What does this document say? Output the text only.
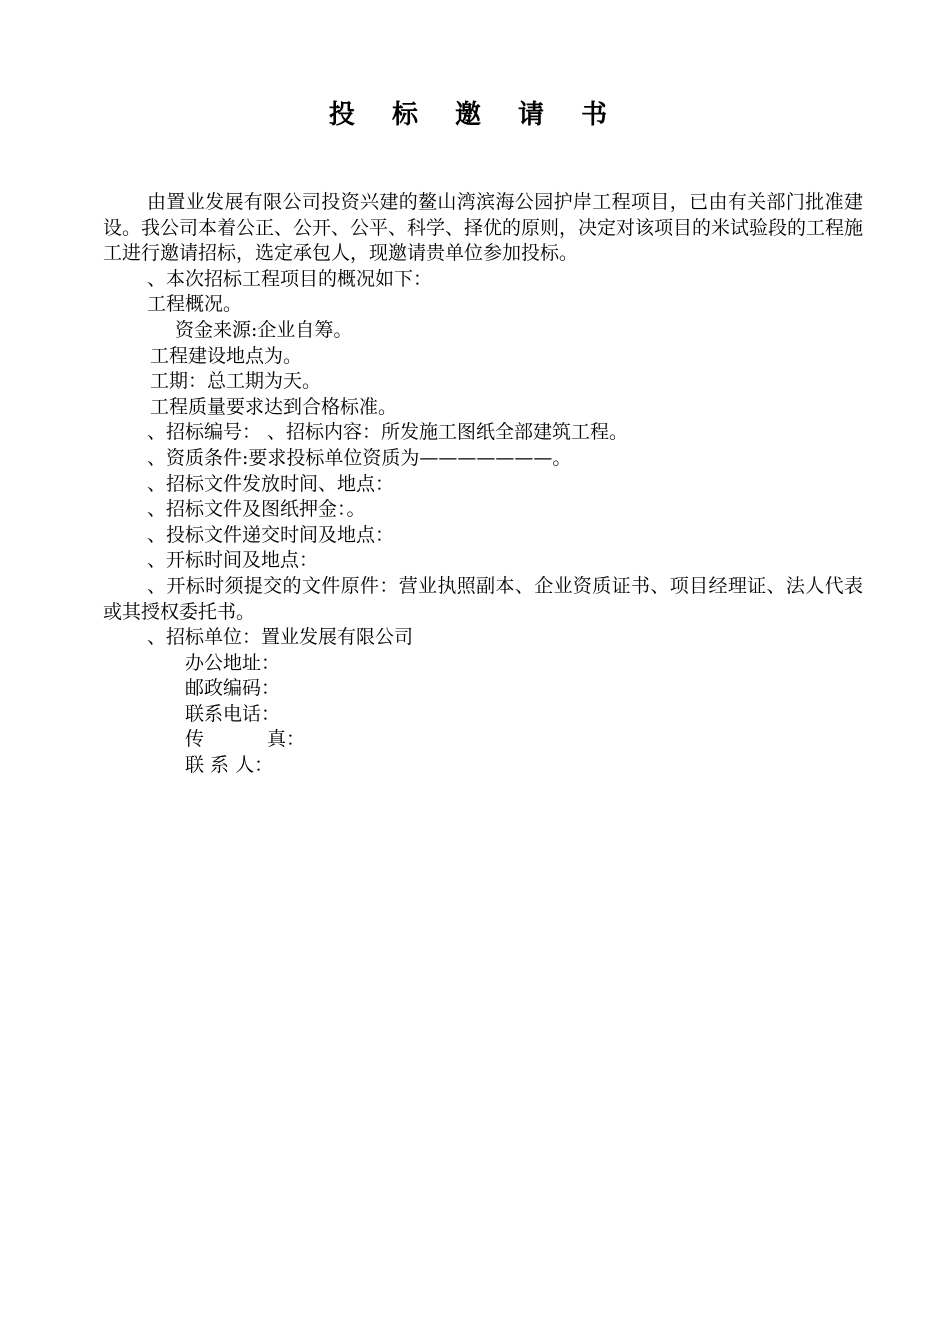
投 标 邀 请 书

由置业发展有限公司投资兴建的鳌山湾滨海公园护岸工程项目，已由有关部门批准建设。我公司本着公正、公开、公平、科学、择优的原则，决定对该项目的米试验段的工程施工进行邀请招标，选定承包人，现邀请贵单位参加投标。

、本次招标工程项目的概况如下：

工程概况。

资金来源:企业自筹。

工程建设地点为。

工期：总工期为天。

工程质量要求达到合格标准。

、招标编号： 、招标内容：所发施工图纸全部建筑工程。

、资质条件:要求投标单位资质为———————。

、招标文件发放时间、地点：

、招标文件及图纸押金：。

、投标文件递交时间及地点：

、开标时间及地点：

、开标时须提交的文件原件：营业执照副本、企业资质证书、项目经理证、法人代表或其授权委托书。

、招标单位：置业发展有限公司

办公地址：

邮政编码：

联系电话：

传	真：

联 系 人：
